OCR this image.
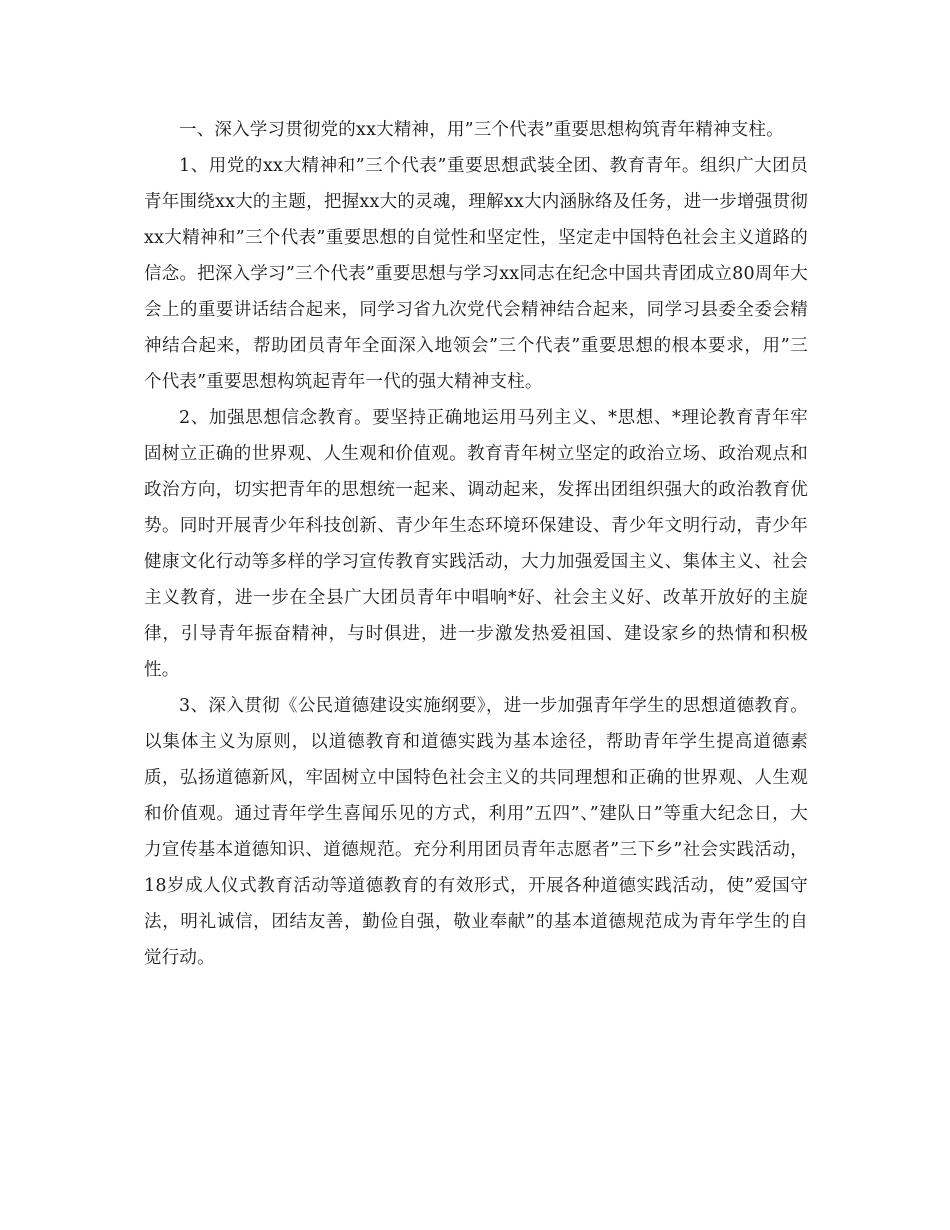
一、深入学习贯彻党的xx大精神，用”三个代表”重要思想构筑青年精神支柱。

1、用党的xx大精神和”三个代表”重要思想武装全团、教育青年。组织广大团员青年围绕xx大的主题，把握xx大的灵魂，理解xx大内涵脉络及任务，进一步增强贯彻xx大精神和”三个代表”重要思想的自觉性和坚定性，坚定走中国特色社会主义道路的信念。把深入学习”三个代表”重要思想与学习xx同志在纪念中国共青团成立80周年大会上的重要讲话结合起来，同学习省九次党代会精神结合起来，同学习县委全委会精神结合起来，帮助团员青年全面深入地领会”三个代表”重要思想的根本要求，用”三个代表”重要思想构筑起青年一代的强大精神支柱。

2、加强思想信念教育。要坚持正确地运用马列主义、*思想、*理论教育青年牢固树立正确的世界观、人生观和价值观。教育青年树立坚定的政治立场、政治观点和政治方向，切实把青年的思想统一起来、调动起来，发挥出团组织强大的政治教育优势。同时开展青少年科技创新、青少年生态环境环保建设、青少年文明行动，青少年健康文化行动等多样的学习宣传教育实践活动，大力加强爱国主义、集体主义、社会主义教育，进一步在全县广大团员青年中唱响*好、社会主义好、改革开放好的主旋律，引导青年振奋精神，与时俱进，进一步激发热爱祖国、建设家乡的热情和积极性。

3、深入贯彻《公民道德建设实施纲要》，进一步加强青年学生的思想道德教育。以集体主义为原则，以道德教育和道德实践为基本途径，帮助青年学生提高道德素质，弘扬道德新风，牢固树立中国特色社会主义的共同理想和正确的世界观、人生观和价值观。通过青年学生喜闻乐见的方式，利用”五四”、”建队日”等重大纪念日，大力宣传基本道德知识、道德规范。充分利用团员青年志愿者”三下乡”社会实践活动，18岁成人仪式教育活动等道德教育的有效形式，开展各种道德实践活动，使”爱国守法，明礼诚信，团结友善，勤俭自强，敬业奉献”的基本道德规范成为青年学生的自觉行动。
